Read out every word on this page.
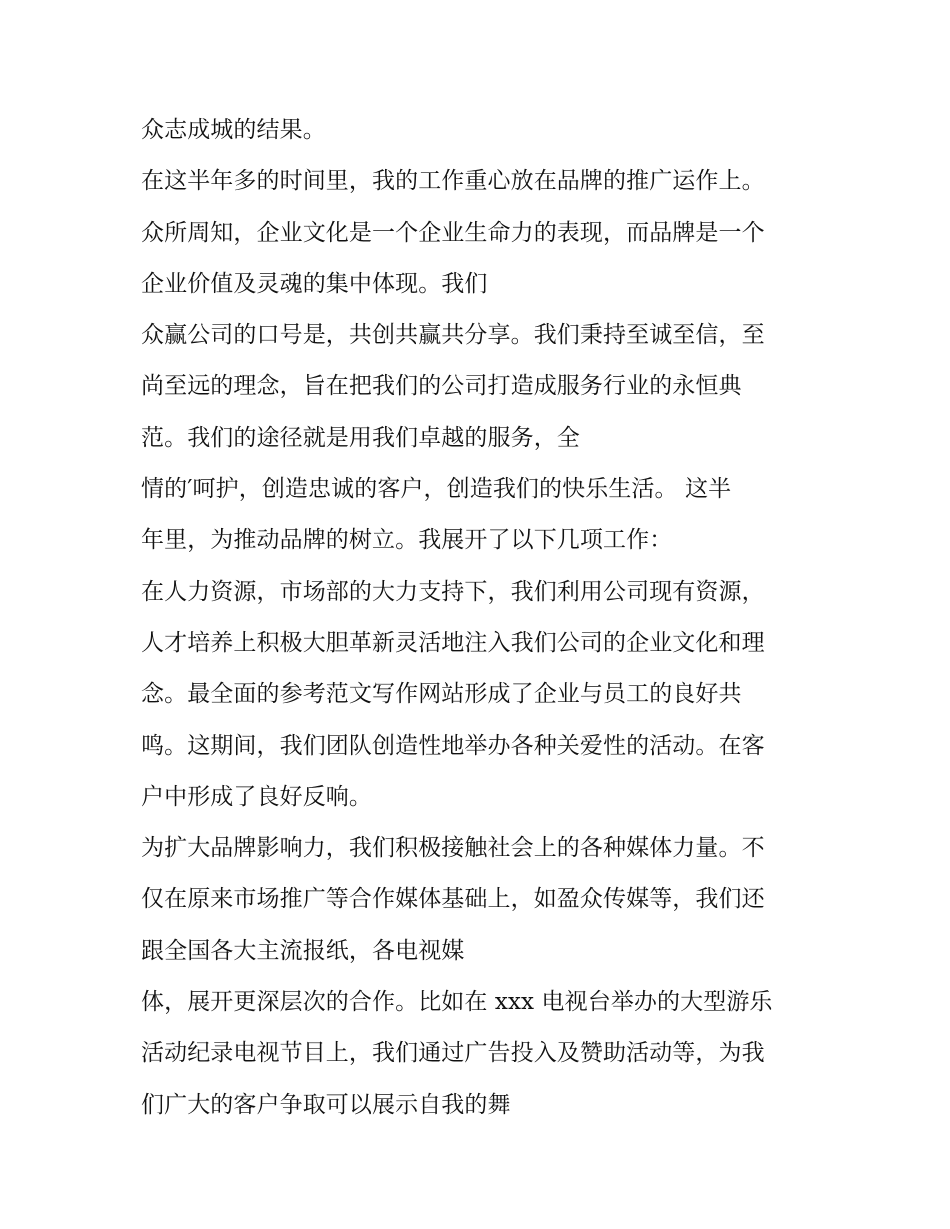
众志成城的结果。
在这半年多的时间里，我的工作重心放在品牌的推广运作上。
众所周知，企业文化是一个企业生命力的表现，而品牌是一个
企业价值及灵魂的集中体现。我们
众赢公司的口号是，共创共赢共分享。我们秉持至诚至信，至
尚至远的理念，旨在把我们的公司打造成服务行业的永恒典
范。我们的途径就是用我们卓越的服务，全
情的′呵护，创造忠诚的客户，创造我们的快乐生活。 这半
年里，为推动品牌的树立。我展开了以下几项工作：
在人力资源，市场部的大力支持下，我们利用公司现有资源，
人才培养上积极大胆革新灵活地注入我们公司的企业文化和理
念。最全面的参考范文写作网站形成了企业与员工的良好共
鸣。这期间，我们团队创造性地举办各种关爱性的活动。在客
户中形成了良好反响。
为扩大品牌影响力，我们积极接触社会上的各种媒体力量。不
仅在原来市场推广等合作媒体基础上，如盈众传媒等，我们还
跟全国各大主流报纸，各电视媒
体，展开更深层次的合作。比如在 xxx 电视台举办的大型游乐
活动纪录电视节目上，我们通过广告投入及赞助活动等，为我
们广大的客户争取可以展示自我的舞
